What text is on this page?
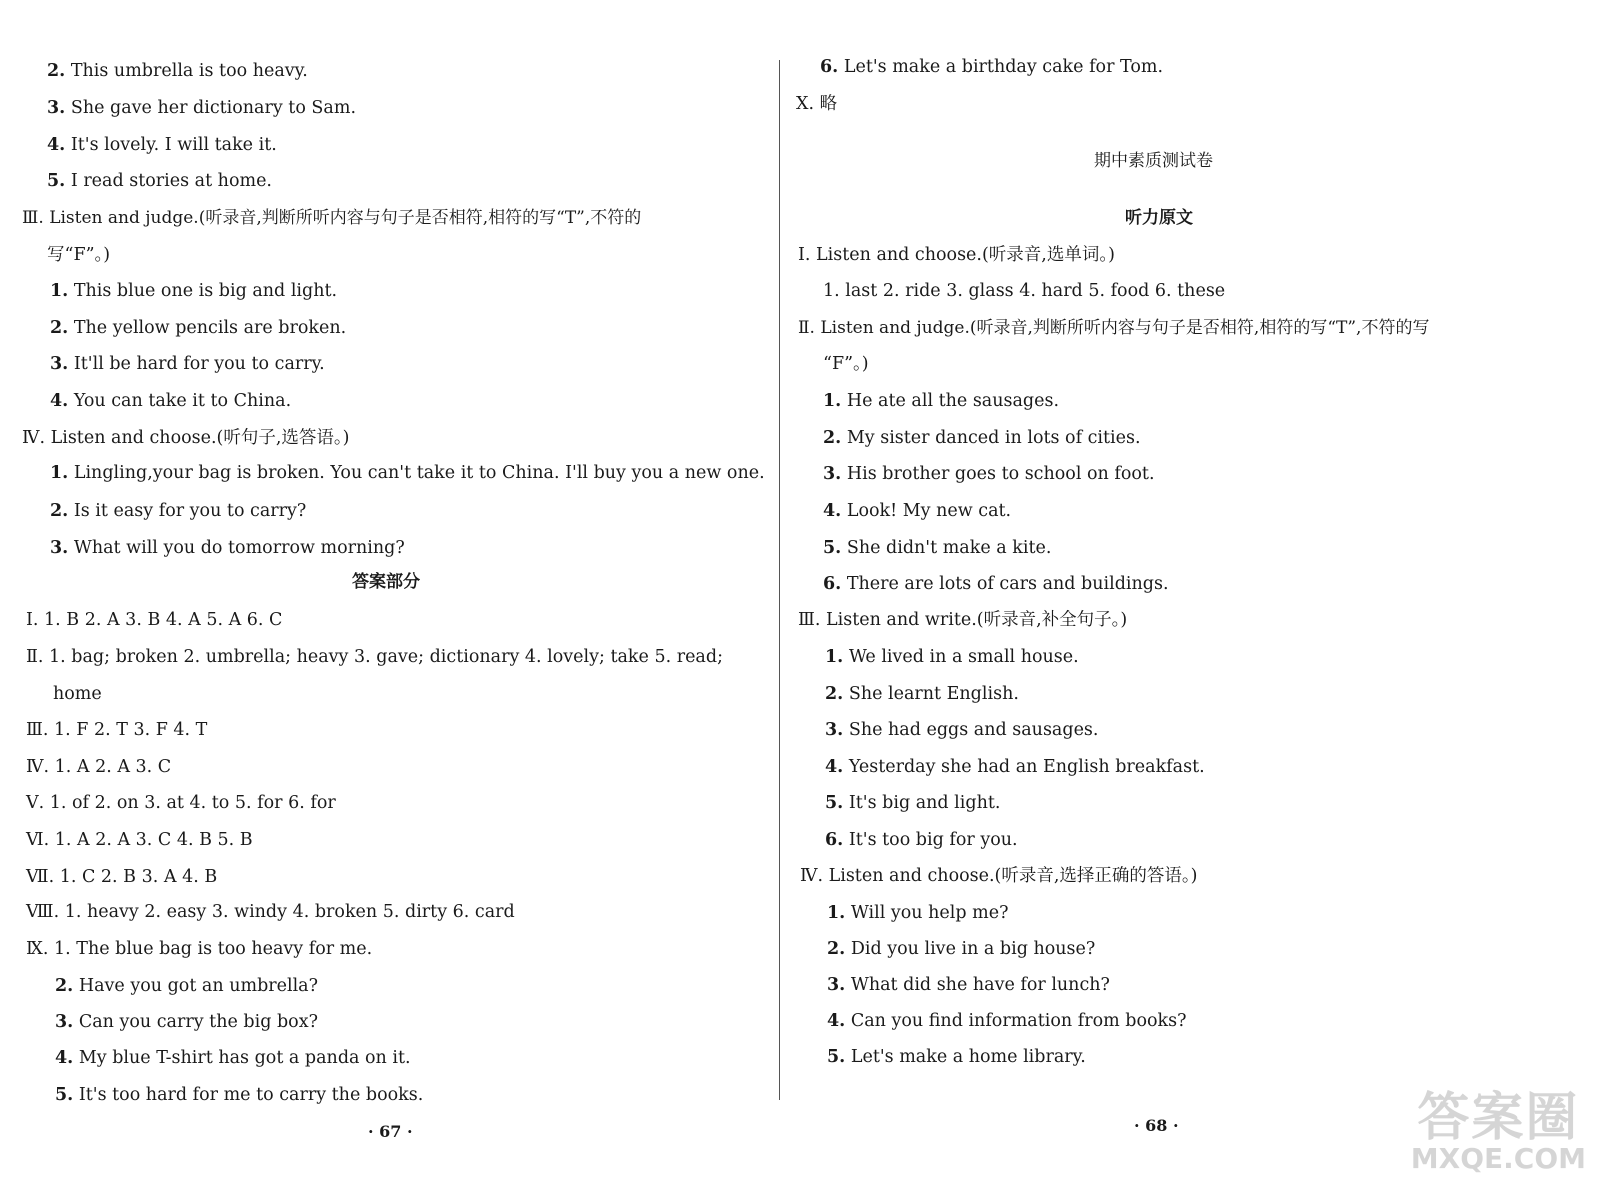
2. This umbrella is too heavy.
3. She gave her dictionary to Sam.
4. It's lovely. I will take it.
5. I read stories at home.
Ⅲ. Listen and judge.(听录音,判断所听内容与句子是否相符,相符的写“T”,不符的
写“F”。)
1. This blue one is big and light.
2. The yellow pencils are broken.
3. It'll be hard for you to carry.
4. You can take it to China.
Ⅳ. Listen and choose.(听句子,选答语。)
1. Lingling,your bag is broken. You can't take it to China. I'll buy you a new one.
2. Is it easy for you to carry?
3. What will you do tomorrow morning?
答案部分
Ⅰ. 1. B 2. A 3. B 4. A 5. A 6. C
Ⅱ. 1. bag; broken 2. umbrella; heavy 3. gave; dictionary 4. lovely; take 5. read;
home
Ⅲ. 1. F 2. T 3. F 4. T
Ⅳ. 1. A 2. A 3. C
Ⅴ. 1. of 2. on 3. at 4. to 5. for 6. for
Ⅵ. 1. A 2. A 3. C 4. B 5. B
Ⅶ. 1. C 2. B 3. A 4. B
Ⅷ. 1. heavy 2. easy 3. windy 4. broken 5. dirty 6. card
Ⅸ. 1. The blue bag is too heavy for me.
2. Have you got an umbrella?
3. Can you carry the big box?
4. My blue T-shirt has got a panda on it.
5. It's too hard for me to carry the books.
· 67 ·
6. Let's make a birthday cake for Tom.
Ⅹ. 略
期中素质测试卷
听力原文
Ⅰ. Listen and choose.(听录音,选单词。)
1. last 2. ride 3. glass 4. hard 5. food 6. these
Ⅱ. Listen and judge.(听录音,判断所听内容与句子是否相符,相符的写“T”,不符的写
“F”。)
1. He ate all the sausages.
2. My sister danced in lots of cities.
3. His brother goes to school on foot.
4. Look! My new cat.
5. She didn't make a kite.
6. There are lots of cars and buildings.
Ⅲ. Listen and write.(听录音,补全句子。)
1. We lived in a small house.
2. She learnt English.
3. She had eggs and sausages.
4. Yesterday she had an English breakfast.
5. It's big and light.
6. It's too big for you.
Ⅳ. Listen and choose.(听录音,选择正确的答语。)
1. Will you help me?
2. Did you live in a big house?
3. What did she have for lunch?
4. Can you find information from books?
5. Let's make a home library.
· 68 ·	答案圈
MXQE.COM
